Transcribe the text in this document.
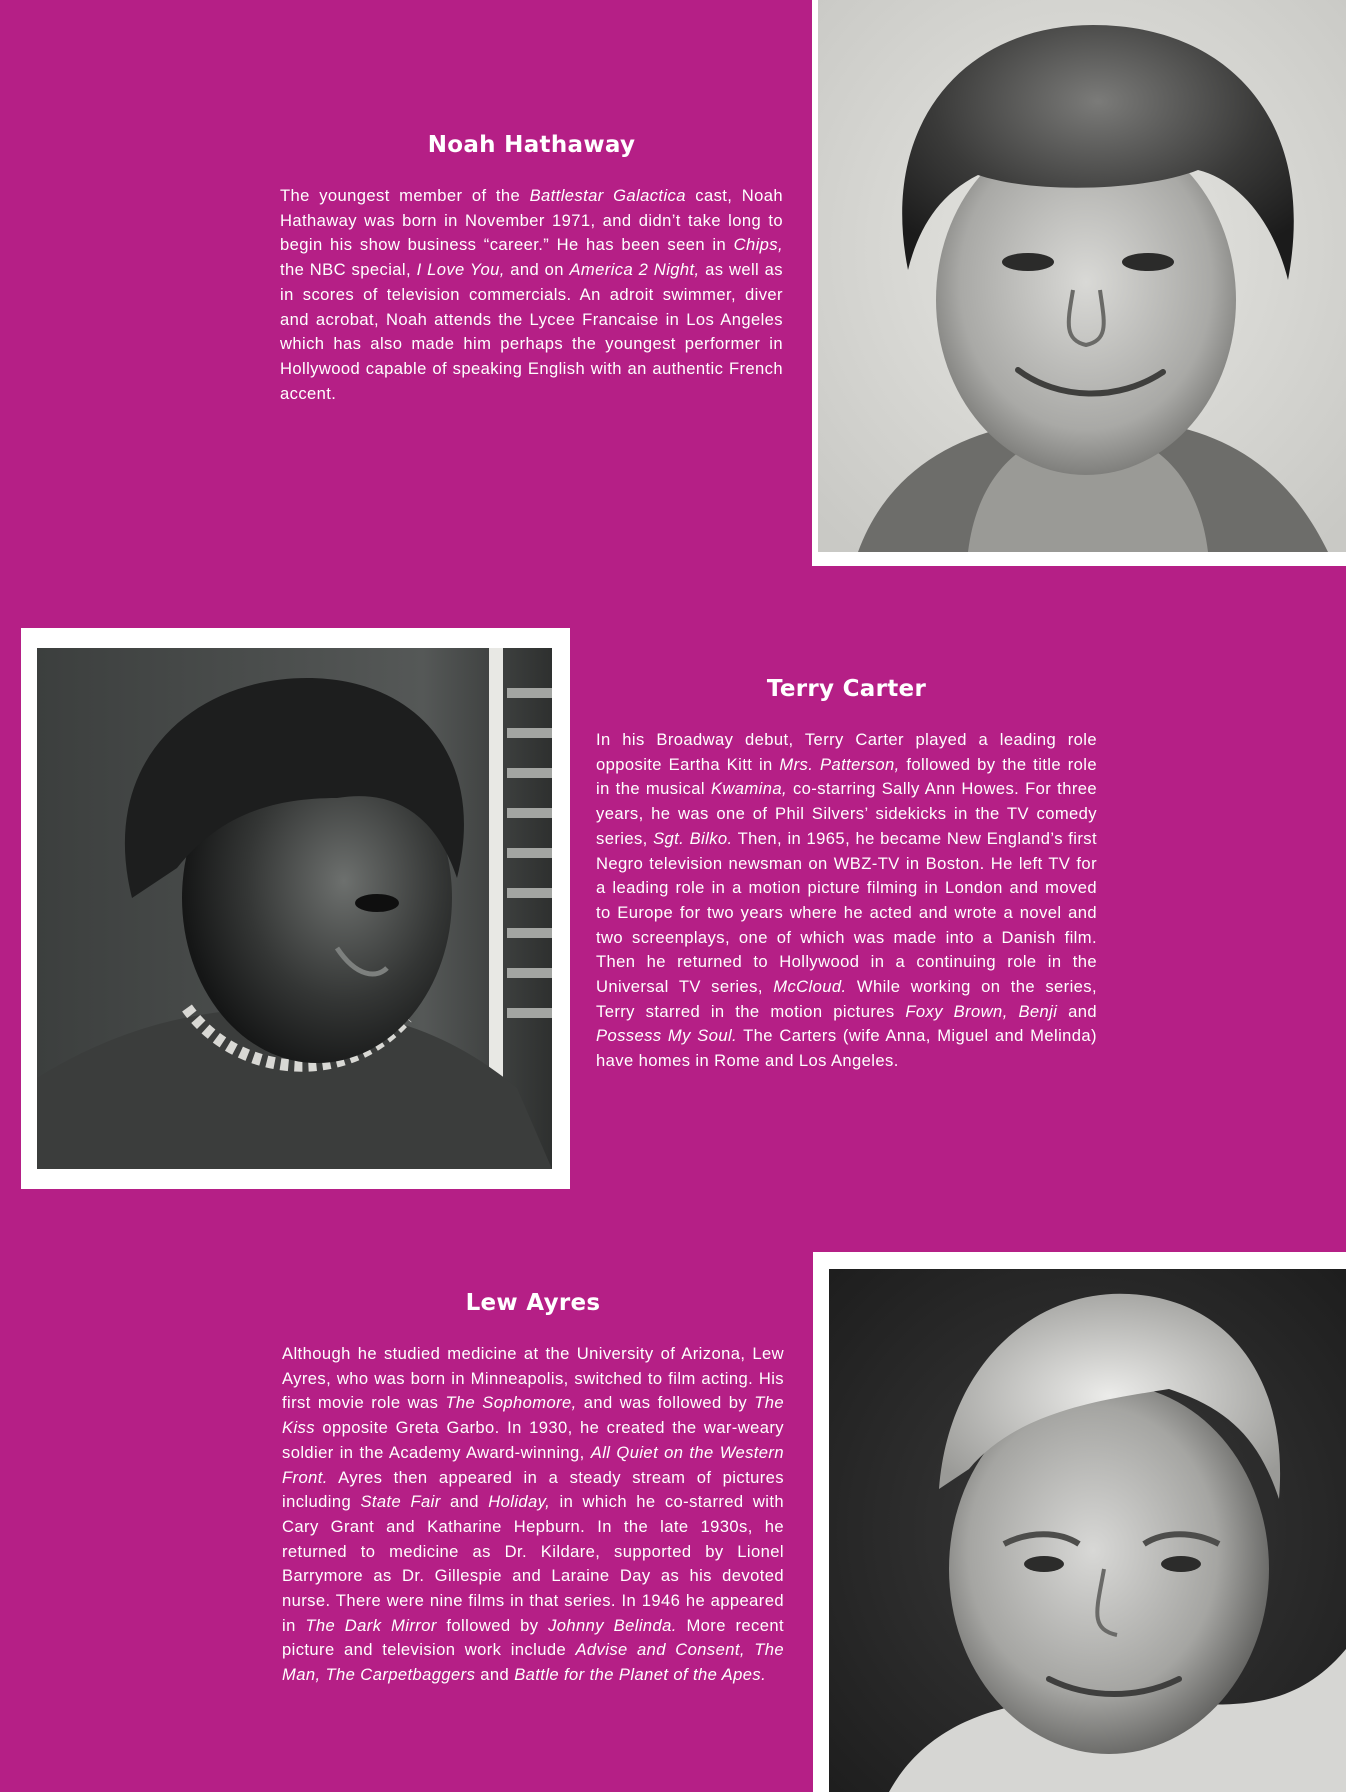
Noah Hathaway

The youngest member of the Battlestar Galactica cast, Noah Hathaway was born in November 1971, and didn’t take long to begin his show business “career.” He has been seen in Chips, the NBC special, I Love You, and on America 2 Night, as well as in scores of television commercials. An adroit swimmer, diver and acrobat, Noah attends the Lycee Francaise in Los Angeles which has also made him perhaps the youngest performer in Hollywood capable of speaking English with an authentic French accent.

Terry Carter

In his Broadway debut, Terry Carter played a leading role opposite Eartha Kitt in Mrs. Patterson, followed by the title role in the musical Kwamina, co-starring Sally Ann Howes. For three years, he was one of Phil Silvers’ sidekicks in the TV comedy series, Sgt. Bilko. Then, in 1965, he became New England’s first Negro television newsman on WBZ-TV in Boston. He left TV for a leading role in a motion picture filming in London and moved to Europe for two years where he acted and wrote a novel and two screenplays, one of which was made into a Danish film. Then he returned to Hollywood in a continuing role in the Universal TV series, McCloud. While working on the series, Terry starred in the motion pictures Foxy Brown, Benji and Possess My Soul. The Carters (wife Anna, Miguel and Melinda) have homes in Rome and Los Angeles.

Lew Ayres

Although he studied medicine at the University of Arizona, Lew Ayres, who was born in Minneapolis, switched to film acting. His first movie role was The Sophomore, and was followed by The Kiss opposite Greta Garbo. In 1930, he created the war-weary soldier in the Academy Award-winning, All Quiet on the Western Front. Ayres then appeared in a steady stream of pictures including State Fair and Holiday, in which he co-starred with Cary Grant and Katharine Hepburn. In the late 1930s, he returned to medicine as Dr. Kildare, supported by Lionel Barrymore as Dr. Gillespie and Laraine Day as his devoted nurse. There were nine films in that series. In 1946 he appeared in The Dark Mirror followed by Johnny Belinda. More recent picture and television work include Advise and Consent, The Man, The Carpetbaggers and Battle for the Planet of the Apes.
